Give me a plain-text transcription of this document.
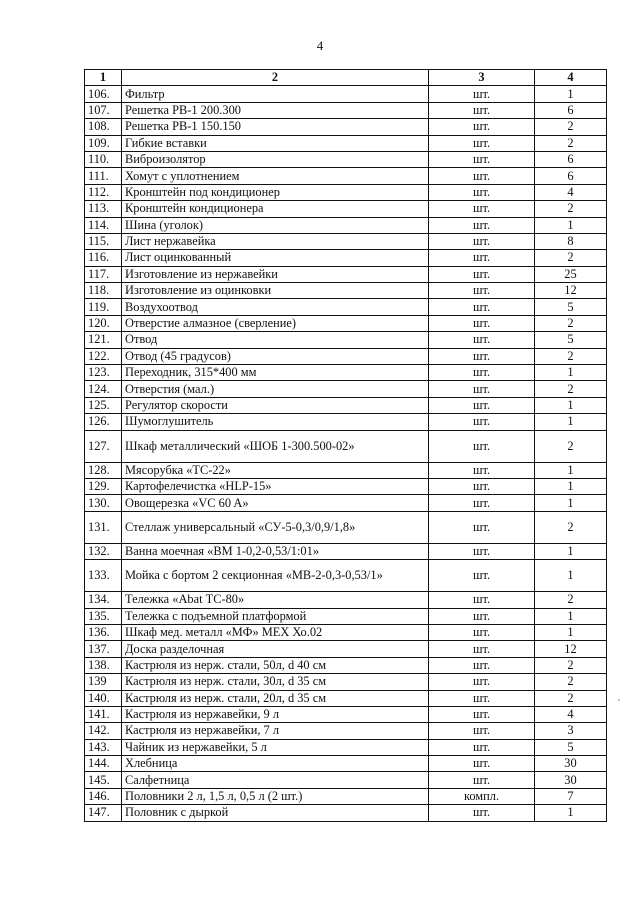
4
1	2	3	4
106.	Фильтр	шт.	1
107.	Решетка РВ-1 200.300	шт.	6
108.	Решетка РВ-1 150.150	шт.	2
109.	Гибкие вставки	шт.	2
110.	Виброизолятор	шт.	6
111.	Хомут с уплотнением	шт.	6
112.	Кронштейн под кондиционер	шт.	4
113.	Кронштейн кондиционера	шт.	2
114.	Шина (уголок)	шт.	1
115.	Лист нержавейка	шт.	8
116.	Лист оцинкованный	шт.	2
117.	Изготовление из нержавейки	шт.	25
118.	Изготовление из оцинковки	шт.	12
119.	Воздухоотвод	шт.	5
120.	Отверстие алмазное (сверление)	шт.	2
121.	Отвод	шт.	5
122.	Отвод (45 градусов)	шт.	2
123.	Переходник, 315*400 мм	шт.	1
124.	Отверстия (мал.)	шт.	2
125.	Регулятор скорости	шт.	1
126.	Шумоглушитель	шт.	1
127.	Шкаф металлический «ШОБ 1-300.500-02»	шт.	2
128.	Мясорубка «ТС-22»	шт.	1
129.	Картофелечистка «HLP-15»	шт.	1
130.	Овощерезка «VC 60 A»	шт.	1
131.	Стеллаж универсальный «СУ-5-0,3/0,9/1,8»	шт.	2
132.	Ванна моечная «ВМ 1-0,2-0,53/1:01»	шт.	1
133.	Мойка с бортом 2 секционная «МВ-2-0,3-0,53/1»	шт.	1
134.	Тележка «Abat ТС-80»	шт.	2
135.	Тележка с подъемной платформой	шт.	1
136.	Шкаф мед. металл «МФ» МЕХ Хо.02	шт.	1
137.	Доска разделочная	шт.	12
138.	Кастрюля из нерж. стали, 50л, d 40 см	шт.	2
139	Кастрюля из нерж. стали, 30л, d 35 см	шт.	2
140.	Кастрюля из нерж. стали, 20л, d 35 см	шт.	2
141.	Кастрюля из нержавейки, 9 л	шт.	4
142.	Кастрюля из нержавейки, 7 л	шт.	3
143.	Чайник из нержавейки, 5 л	шт.	5
144.	Хлебница	шт.	30
145.	Салфетница	шт.	30
146.	Половники 2 л, 1,5 л, 0,5 л (2 шт.)	компл.	7
147.	Половник с дыркой	шт.	1
'
